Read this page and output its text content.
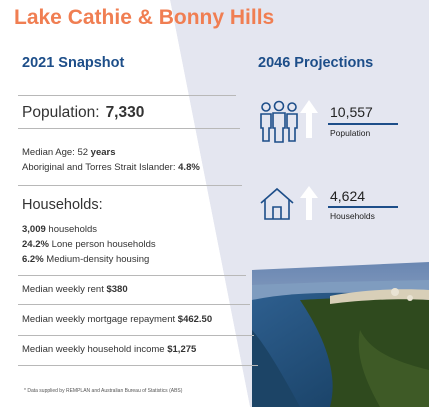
Lake Cathie & Bonny Hills
2021 Snapshot	2046 Projections
Population: 7,330
Median Age: 52 years
Aboriginal and Torres Strait Islander: 4.8%
Households:
3,009 households
24.2% Lone person households
6.2% Medium-density housing
Median weekly rent $380
Median weekly mortgage repayment $462.50
Median weekly household income $1,275
* Data supplied by REMPLAN and Australian Bureau of Statistics (ABS)
10,557
Population
4,624
Households
